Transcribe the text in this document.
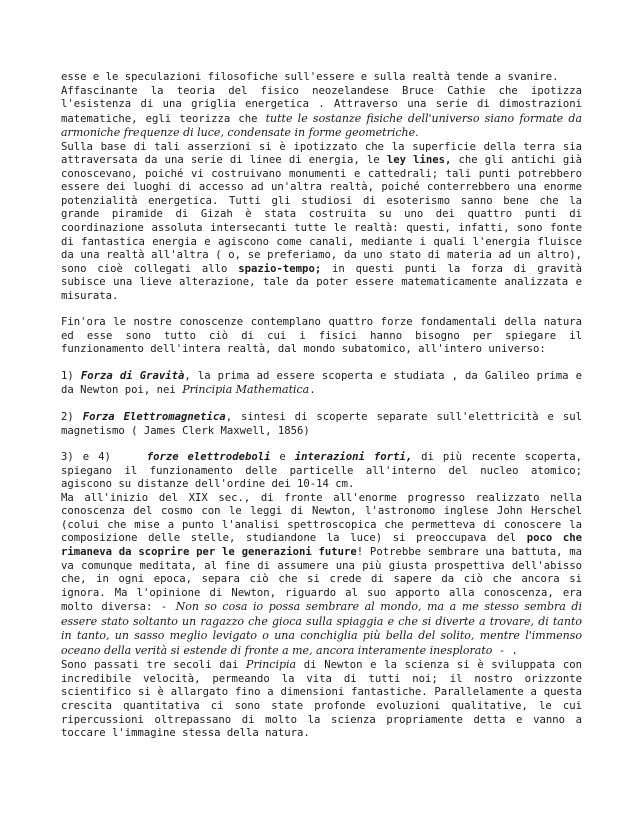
esse e le speculazioni filosofiche sull'essere e sulla realtà tende a svanire.

Affascinante la teoria del fisico neozelandese Bruce Cathie che ipotizza l'esistenza di una griglia energetica . Attraverso una serie di dimostrazioni matematiche, egli teorizza che tutte le sostanze fisiche dell'universo siano formate da armoniche frequenze di luce, condensate in forme geometriche.

Sulla base di tali asserzioni si è ipotizzato che la superficie della terra sia attraversata da una serie di linee di energia, le ley lines, che gli antichi già conoscevano, poiché vi costruivano monumenti e cattedrali; tali punti potrebbero essere dei luoghi di accesso ad un'altra realtà, poiché conterrebbero una enorme potenzialità energetica. Tutti gli studiosi di esoterismo sanno bene che la grande piramide di Gizah è stata costruita su uno dei quattro punti di coordinazione assoluta intersecanti tutte le realtà: questi, infatti, sono fonte di fantastica energia e agiscono come canali, mediante i quali l'energia fluisce da una realtà all'altra ( o, se preferiamo, da uno stato di materia ad un altro), sono cioè collegati allo spazio-tempo; in questi punti la forza di gravità subisce una lieve alterazione, tale da poter essere matematicamente analizzata e misurata.

Fin'ora le nostre conoscenze contemplano quattro forze fondamentali della natura ed esse sono tutto ciò di cui i fisici hanno bisogno per spiegare il funzionamento dell'intera realtà, dal mondo subatomico, all'intero universo:

1) Forza di Gravità, la prima ad essere scoperta e studiata , da Galileo prima e da Newton poi, nei Principia Mathematica.

2) Forza Elettromagnetica, sintesi di scoperte separate sull'elettricità e sul magnetismo ( James Clerk Maxwell, 1856)

3) e 4)    forze elettrodeboli e interazioni forti, di più recente scoperta, spiegano il funzionamento delle particelle all'interno del nucleo atomico; agiscono su distanze dell'ordine dei 10-14 cm.

Ma all'inizio del XIX sec., di fronte all'enorme progresso realizzato nella conoscenza del cosmo con le leggi di Newton, l'astronomo inglese John Herschel (colui che mise a punto l'analisi spettroscopica che permetteva di conoscere la composizione delle stelle, studiandone la luce) si preoccupava del poco che rimaneva da scoprire per le generazioni future! Potrebbe sembrare una battuta, ma va comunque meditata, al fine di assumere una più giusta prospettiva dell'abisso che, in ogni epoca, separa ciò che si crede di sapere da ciò che ancora si ignora. Ma l'opinione di Newton, riguardo al suo apporto alla conoscenza, era molto diversa: - Non so cosa io possa sembrare al mondo, ma a me stesso sembra di essere stato soltanto un ragazzo che gioca sulla spiaggia e che si diverte a trovare, di tanto in tanto, un sasso meglio levigato o una conchiglia più bella del solito, mentre l'immenso oceano della verità si estende di fronte a me, ancora interamente inesplorato - .

Sono passati tre secoli dai Principia di Newton e la scienza si è sviluppata con incredibile velocità, permeando la vita di tutti noi; il nostro orizzonte scientifico si è allargato fino a dimensioni fantastiche. Parallelamente a questa crescita quantitativa ci sono state profonde evoluzioni qualitative, le cui ripercussioni oltrepassano di molto la scienza propriamente detta e vanno a toccare l'immagine stessa della natura.
